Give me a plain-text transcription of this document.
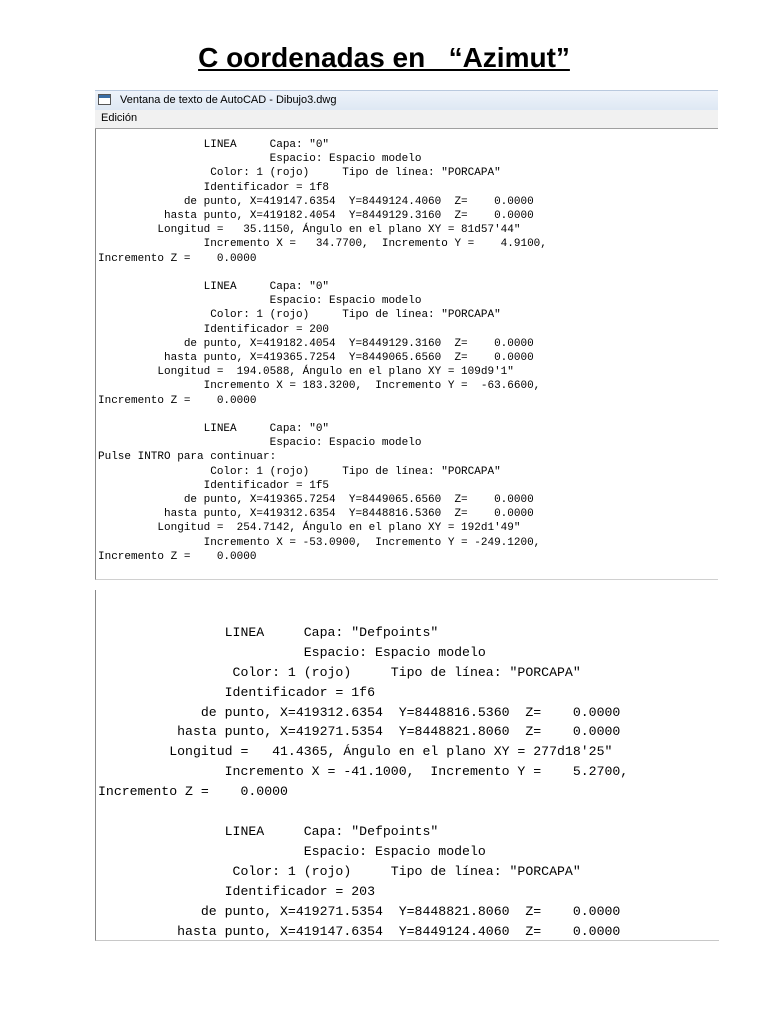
C oordenadas en   “Azimut”
Ventana de texto de AutoCAD - Dibujo3.dwg
Edición
LINEA     Capa: "0"
Espacio: Espacio modelo
Color: 1 (rojo)     Tipo de línea: "PORCAPA"
Identificador = 1f8
de punto, X=419147.6354  Y=8449124.4060  Z=    0.0000
hasta punto, X=419182.4054  Y=8449129.3160  Z=    0.0000
Longitud =   35.1150, Ángulo en el plano XY = 81d57'44"
Incremento X =   34.7700,  Incremento Y =    4.9100,
Incremento Z =    0.0000

LINEA     Capa: "0"
Espacio: Espacio modelo
Color: 1 (rojo)     Tipo de línea: "PORCAPA"
Identificador = 200
de punto, X=419182.4054  Y=8449129.3160  Z=    0.0000
hasta punto, X=419365.7254  Y=8449065.6560  Z=    0.0000
Longitud =  194.0588, Ángulo en el plano XY = 109d9'1"
Incremento X = 183.3200,  Incremento Y =  -63.6600,
Incremento Z =    0.0000

LINEA     Capa: "0"
Espacio: Espacio modelo
Pulse INTRO para continuar:
Color: 1 (rojo)     Tipo de línea: "PORCAPA"
Identificador = 1f5
de punto, X=419365.7254  Y=8449065.6560  Z=    0.0000
hasta punto, X=419312.6354  Y=8448816.5360  Z=    0.0000
Longitud =  254.7142, Ángulo en el plano XY = 192d1'49"
Incremento X = -53.0900,  Incremento Y = -249.1200,
Incremento Z =    0.0000

LINEA     Capa: "Defpoints"
Espacio: Espacio modelo
Color: 1 (rojo)     Tipo de línea: "PORCAPA"
Identificador = 1f6
de punto, X=419312.6354  Y=8448816.5360  Z=    0.0000
hasta punto, X=419271.5354  Y=8448821.8060  Z=    0.0000
Longitud =   41.4365, Ángulo en el plano XY = 277d18'25"
Incremento X = -41.1000,  Incremento Y =    5.2700,
Incremento Z =    0.0000

LINEA     Capa: "Defpoints"
Espacio: Espacio modelo
Color: 1 (rojo)     Tipo de línea: "PORCAPA"
Identificador = 203
de punto, X=419271.5354  Y=8448821.8060  Z=    0.0000
hasta punto, X=419147.6354  Y=8449124.4060  Z=    0.0000
